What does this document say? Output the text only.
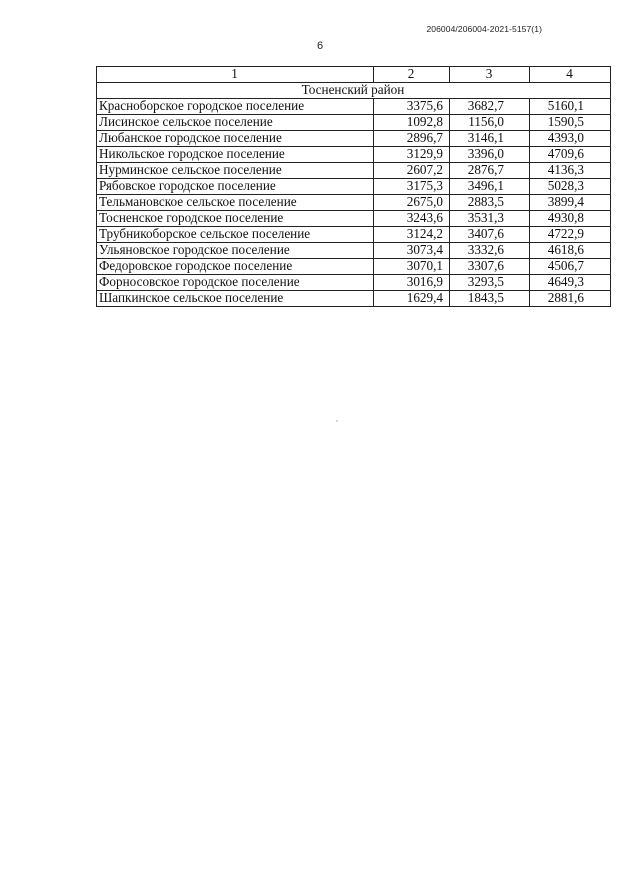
206004/206004-2021-5157(1)
6
1	2	3	4
Тосненский район			
Красноборское городское поселение	3375,6	3682,7	5160,1
Лисинское сельское поселение	1092,8	1156,0	1590,5
Любанское городское поселение	2896,7	3146,1	4393,0
Никольское городское поселение	3129,9	3396,0	4709,6
Нурминское сельское поселение	2607,2	2876,7	4136,3
Рябовское городское поселение	3175,3	3496,1	5028,3
Тельмановское сельское поселение	2675,0	2883,5	3899,4
Тосненское городское поселение	3243,6	3531,3	4930,8
Трубникоборское сельское поселение	3124,2	3407,6	4722,9
Ульяновское городское поселение	3073,4	3332,6	4618,6
Федоровское городское поселение	3070,1	3307,6	4506,7
Форносовское городское поселение	3016,9	3293,5	4649,3
Шапкинское сельское поселение	1629,4	1843,5	2881,6
